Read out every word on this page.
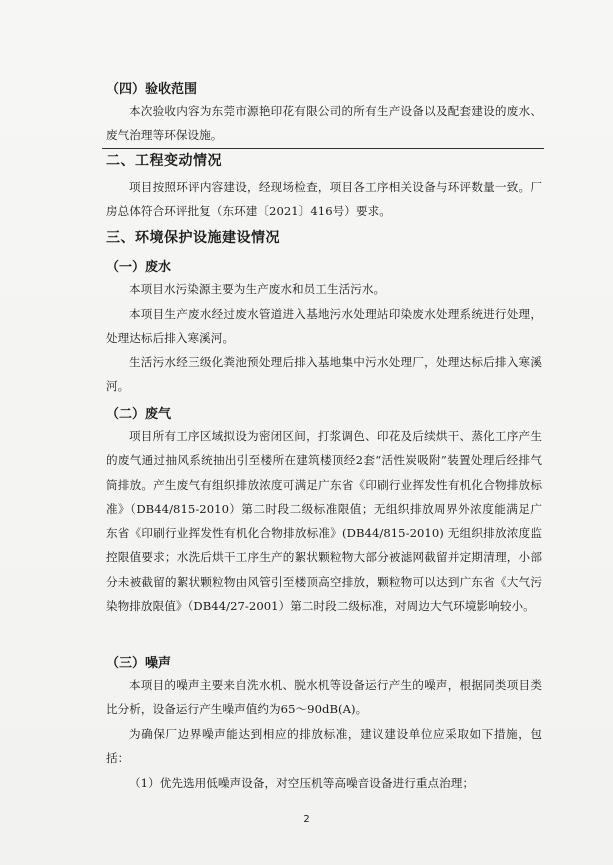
（四）验收范围

本次验收内容为东莞市源艳印花有限公司的所有生产设备以及配套建设的废水、废气治理等环保设施。

二、工程变动情况

项目按照环评内容建设，经现场检查，项目各工序相关设备与环评数量一致。厂房总体符合环评批复（东环建〔2021〕416号）要求。

三、环境保护设施建设情况

（一）废水

本项目水污染源主要为生产废水和员工生活污水。

本项目生产废水经过废水管道进入基地污水处理站印染废水处理系统进行处理，处理达标后排入寒溪河。

生活污水经三级化粪池预处理后排入基地集中污水处理厂，处理达标后排入寒溪河。

（二）废气

项目所有工序区域拟设为密闭区间，打浆调色、印花及后续烘干、蒸化工序产生的废气通过抽风系统抽出引至楼所在建筑楼顶经2套“活性炭吸附”装置处理后经排气筒排放。产生废气有组织排放浓度可满足广东省《印刷行业挥发性有机化合物排放标准》（DB44/815-2010）第二时段二级标准限值；无组织排放周界外浓度能满足广东省《印刷行业挥发性有机化合物排放标准》(DB44/815-2010) 无组织排放浓度监控限值要求；水洗后烘干工序生产的絮状颗粒物大部分被滤网截留并定期清理，小部分未被截留的絮状颗粒物由风管引至楼顶高空排放，颗粒物可以达到广东省《大气污染物排放限值》（DB44/27-2001）第二时段二级标准，对周边大气环境影响较小。

（三）噪声

本项目的噪声主要来自洗水机、脱水机等设备运行产生的噪声，根据同类项目类比分析，设备运行产生噪声值约为65～90dB(A)。

为确保厂边界噪声能达到相应的排放标准，建议建设单位应采取如下措施，包括：

（1）优先选用低噪声设备，对空压机等高噪音设备进行重点治理；

2
